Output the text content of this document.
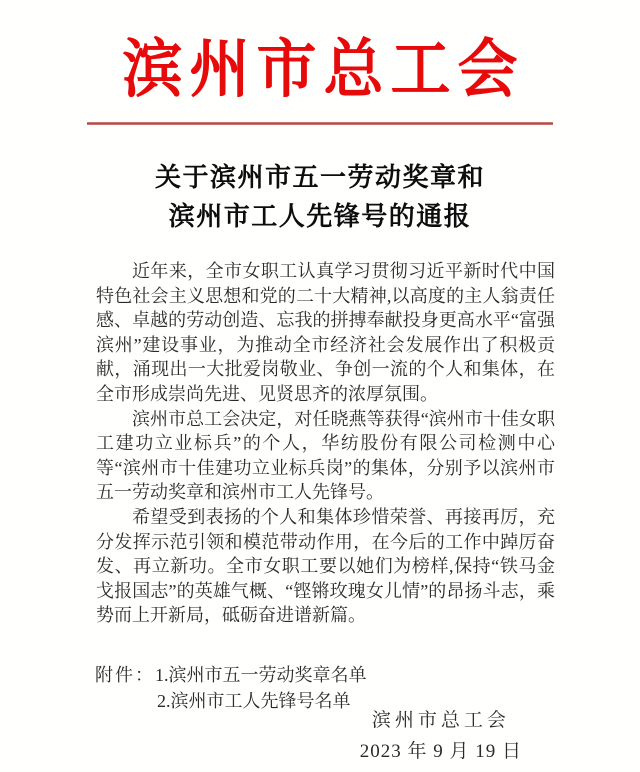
滨州市总工会
关于滨州市五一劳动奖章和
滨州市工人先锋号的通报

近年来，全市女职工认真学习贯彻习近平新时代中国特色社会主义思想和党的二十大精神,以高度的主人翁责任感、卓越的劳动创造、忘我的拼搏奉献投身更高水平“富强滨州”建设事业，为推动全市经济社会发展作出了积极贡献，涌现出一大批爱岗敬业、争创一流的个人和集体，在全市形成崇尚先进、见贤思齐的浓厚氛围。

滨州市总工会决定，对任晓燕等获得“滨州市十佳女职工建功立业标兵”的个人，华纺股份有限公司检测中心等“滨州市十佳建功立业标兵岗”的集体，分别予以滨州市五一劳动奖章和滨州市工人先锋号。

希望受到表扬的个人和集体珍惜荣誉、再接再厉，充分发挥示范引领和模范带动作用，在今后的工作中踔厉奋发、再立新功。全市女职工要以她们为榜样,保持“铁马金戈报国志”的英雄气概、“铿锵玫瑰女儿情”的昂扬斗志，乘势而上开新局，砥砺奋进谱新篇。

附件：1.滨州市五一劳动奖章名单
2.滨州市工人先锋号名单
滨州市总工会
2023 年 9 月 19 日
